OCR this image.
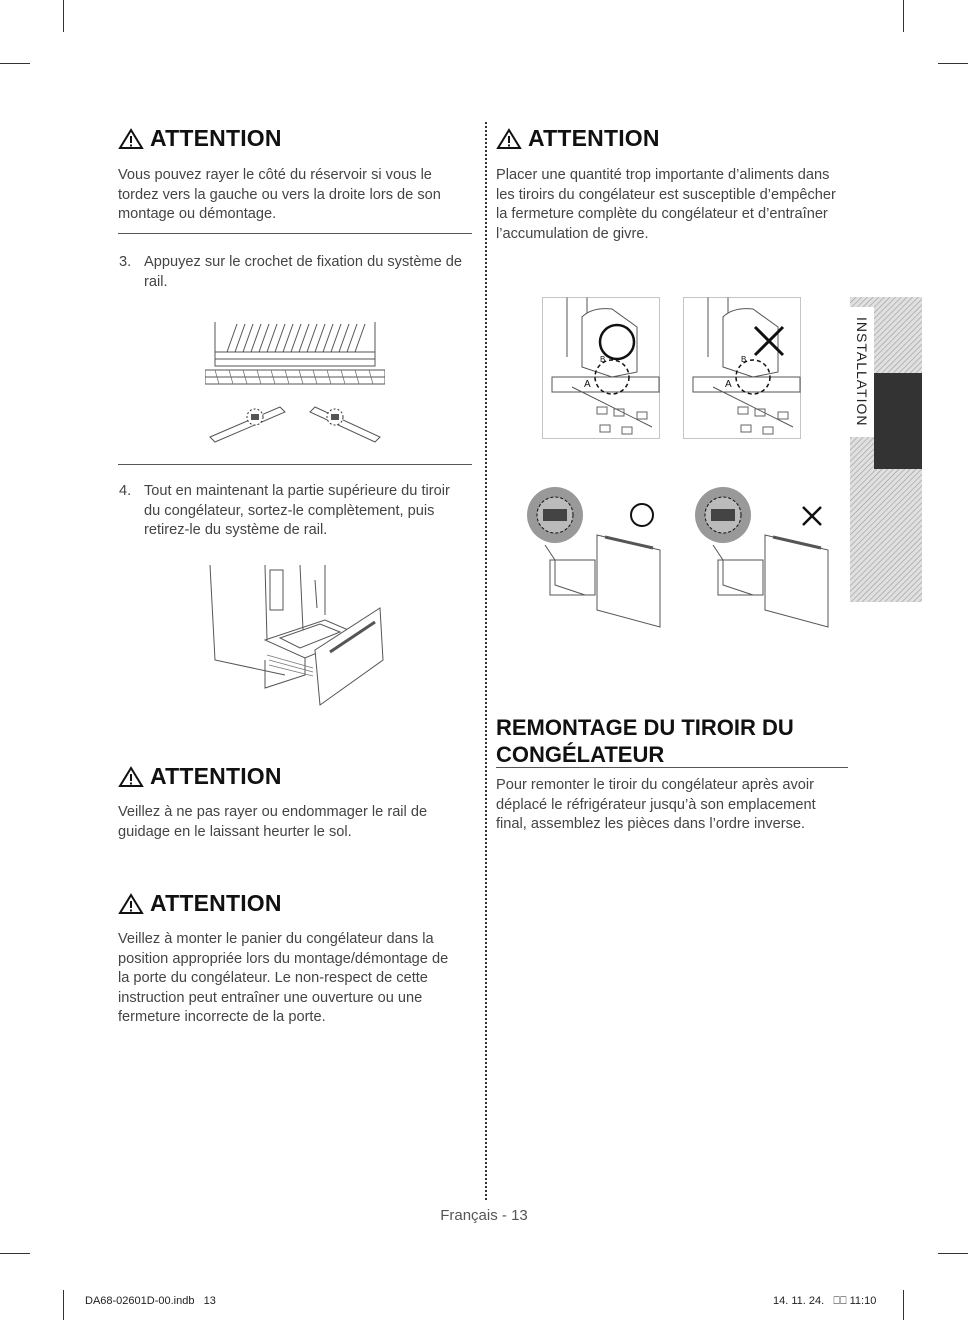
ATTENTION
Vous pouvez rayer le côté du réservoir si vous le tordez vers la gauche ou vers la droite lors de son montage ou démontage.
3. Appuyez sur le crochet de fixation du système de rail.
4. Tout en maintenant la partie supérieure du tiroir du congélateur, sortez-le complètement, puis retirez-le du système de rail.
ATTENTION
Veillez à ne pas rayer ou endommager le rail de guidage en le laissant heurter le sol.
ATTENTION
Veillez à monter le panier du congélateur dans la position appropriée lors du montage/démontage de la porte du congélateur. Le non-respect de cette instruction peut entraîner une ouverture ou une fermeture incorrecte de la porte.
ATTENTION
Placer une quantité trop importante d’aliments dans les tiroirs du congélateur est susceptible d’empêcher la fermeture complète du congélateur et d’entraîner l’accumulation de givre.
A
B
A
B
REMONTAGE DU TIROIR DU CONGÉLATEUR
Pour remonter le tiroir du congélateur après avoir déplacé le réfrigérateur jusqu’à son emplacement final, assemblez les pièces dans l’ordre inverse.
INSTALLATION
Français - 13
DA68-02601D-00.indb   13	14. 11. 24.   ⎕⎕ 11:10
